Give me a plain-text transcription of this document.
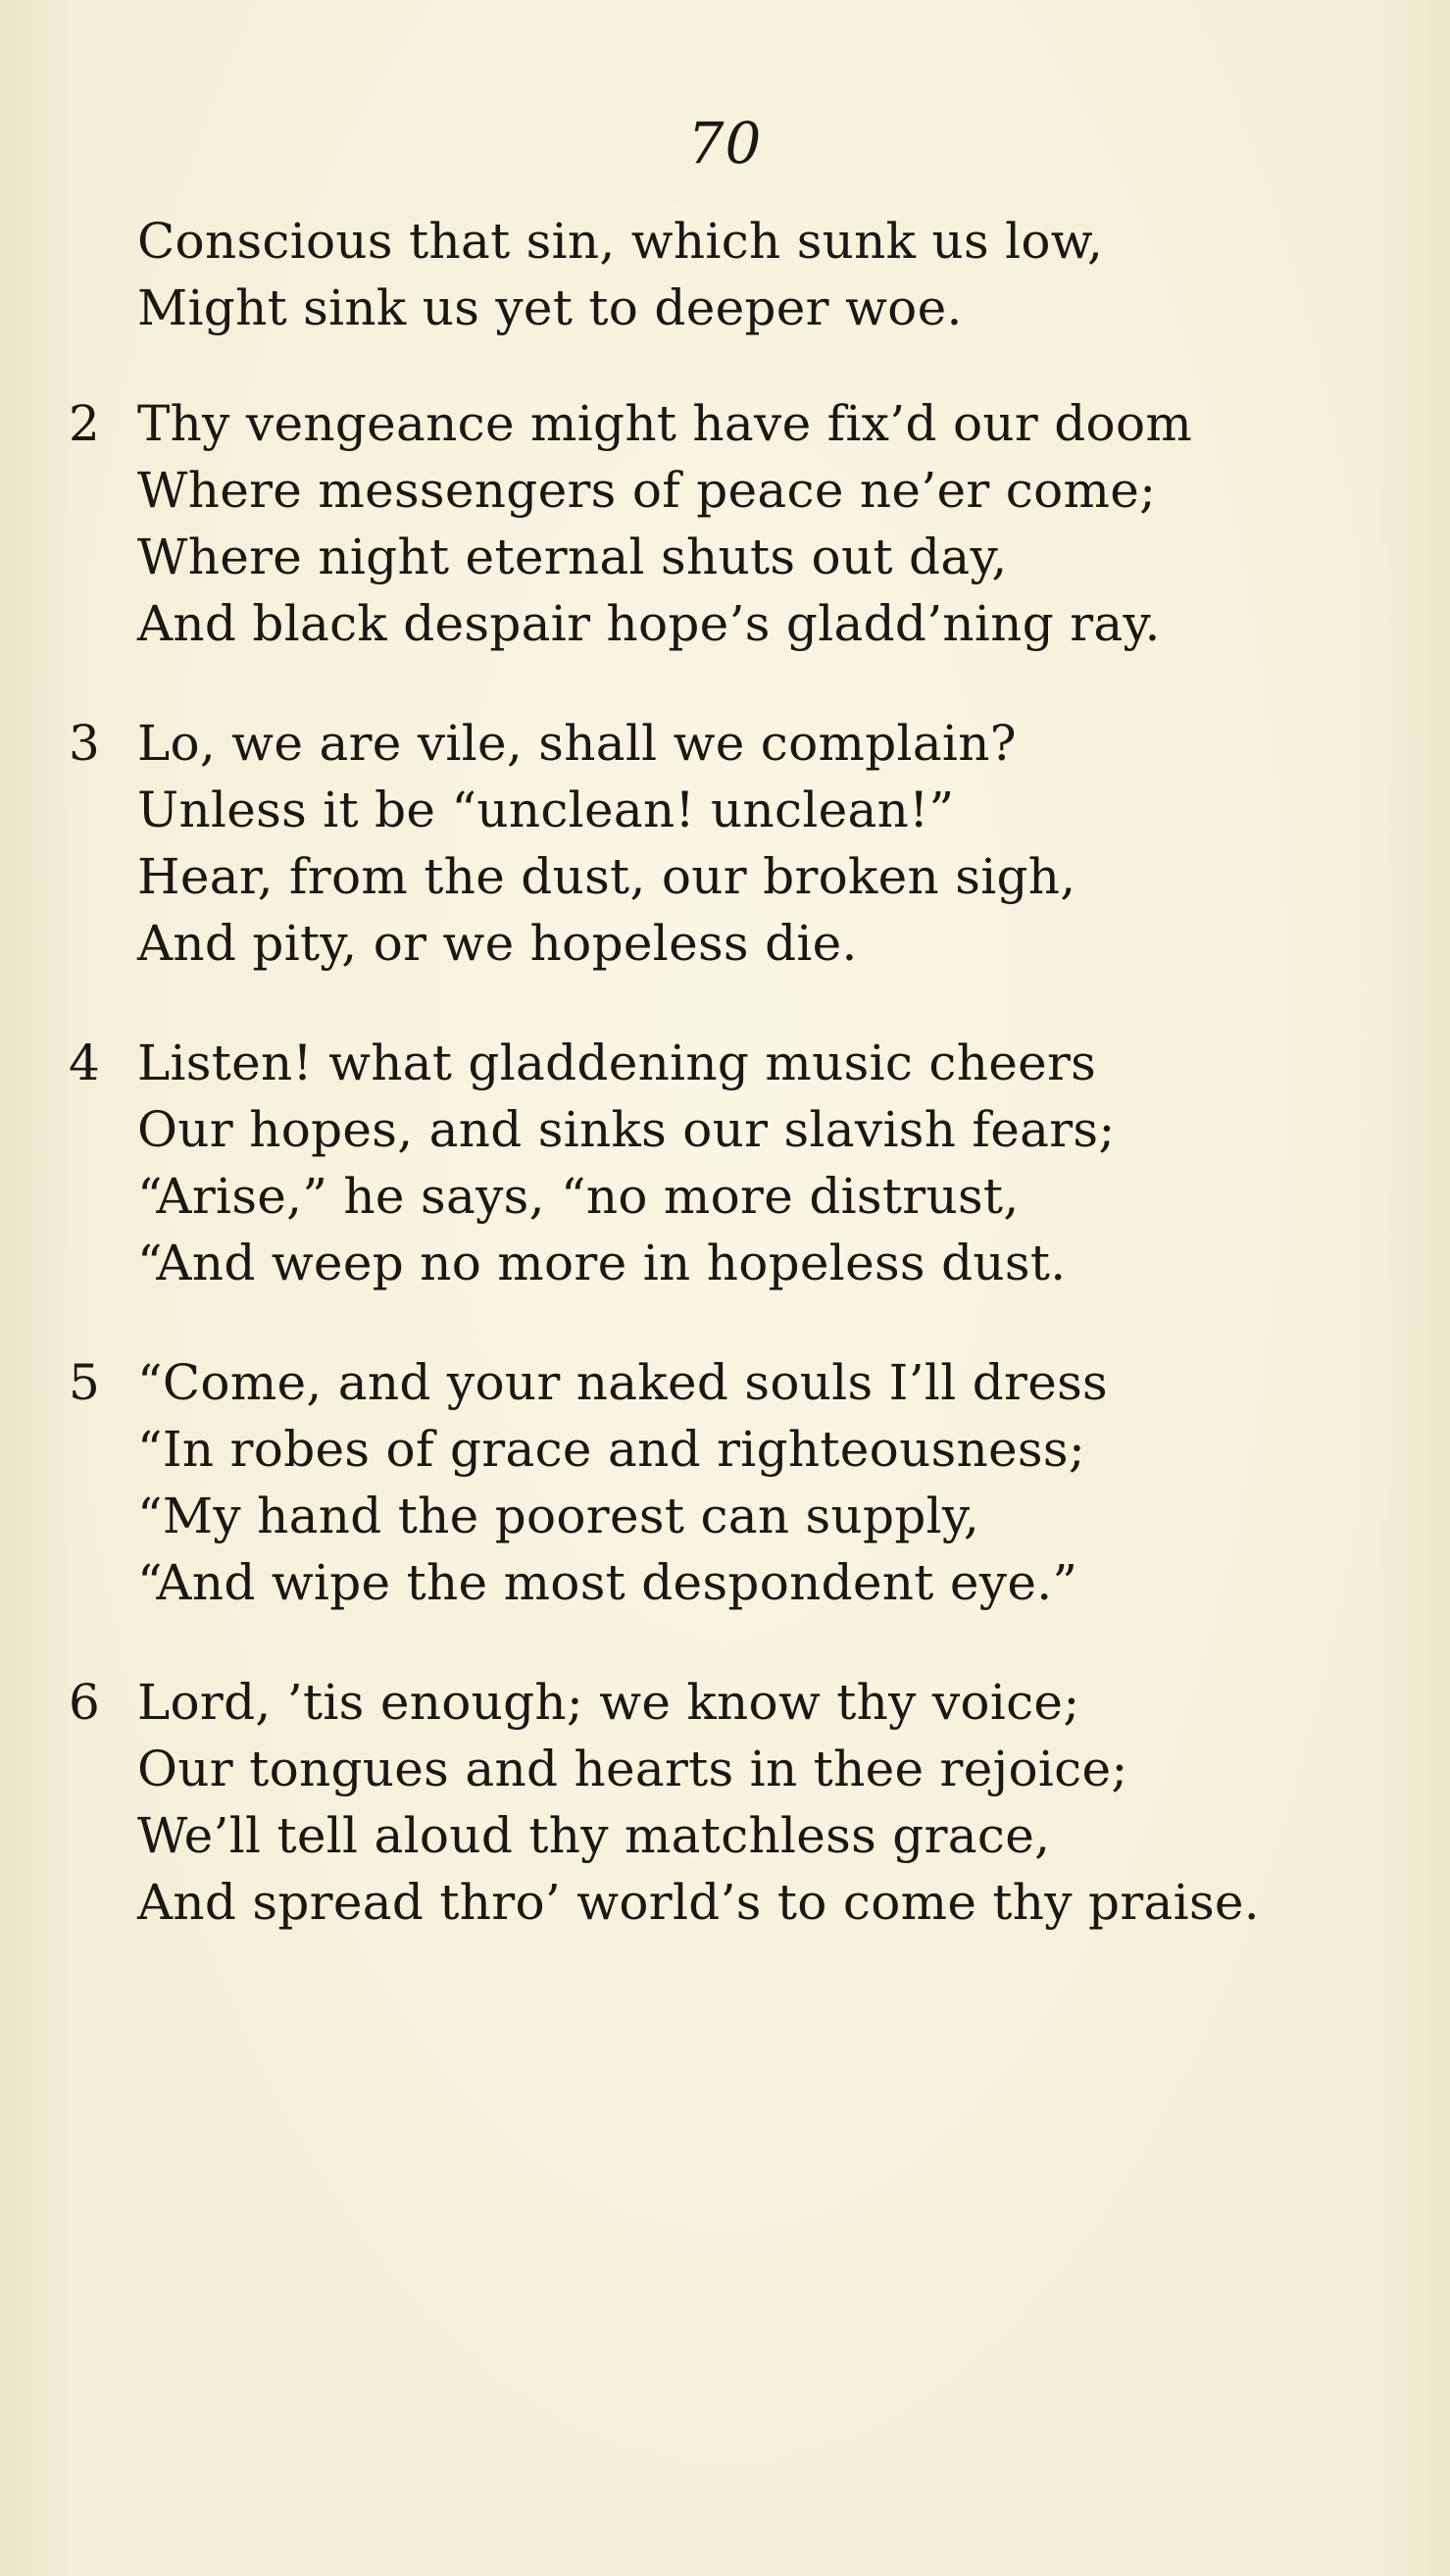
70
Conscious that sin, which sunk us low,
Might sink us yet to deeper woe.
2 Thy vengeance might have fix’d our doom
Where messengers of peace ne’er come;
Where night eternal shuts out day,
And black despair hope’s gladd’ning ray.
3 Lo, we are vile, shall we complain?
Unless it be “unclean! unclean!”
Hear, from the dust, our broken sigh,
And pity, or we hopeless die.
4 Listen! what gladdening music cheers
Our hopes, and sinks our slavish fears;
“Arise,” he says, “no more distrust,
“And weep no more in hopeless dust.
5 “Come, and your naked souls I’ll dress
“In robes of grace and righteousness;
“My hand the poorest can supply,
“And wipe the most despondent eye.”
6 Lord, ’tis enough; we know thy voice;
Our tongues and hearts in thee rejoice;
We’ll tell aloud thy matchless grace,
And spread thro’ world’s to come thy praise.
